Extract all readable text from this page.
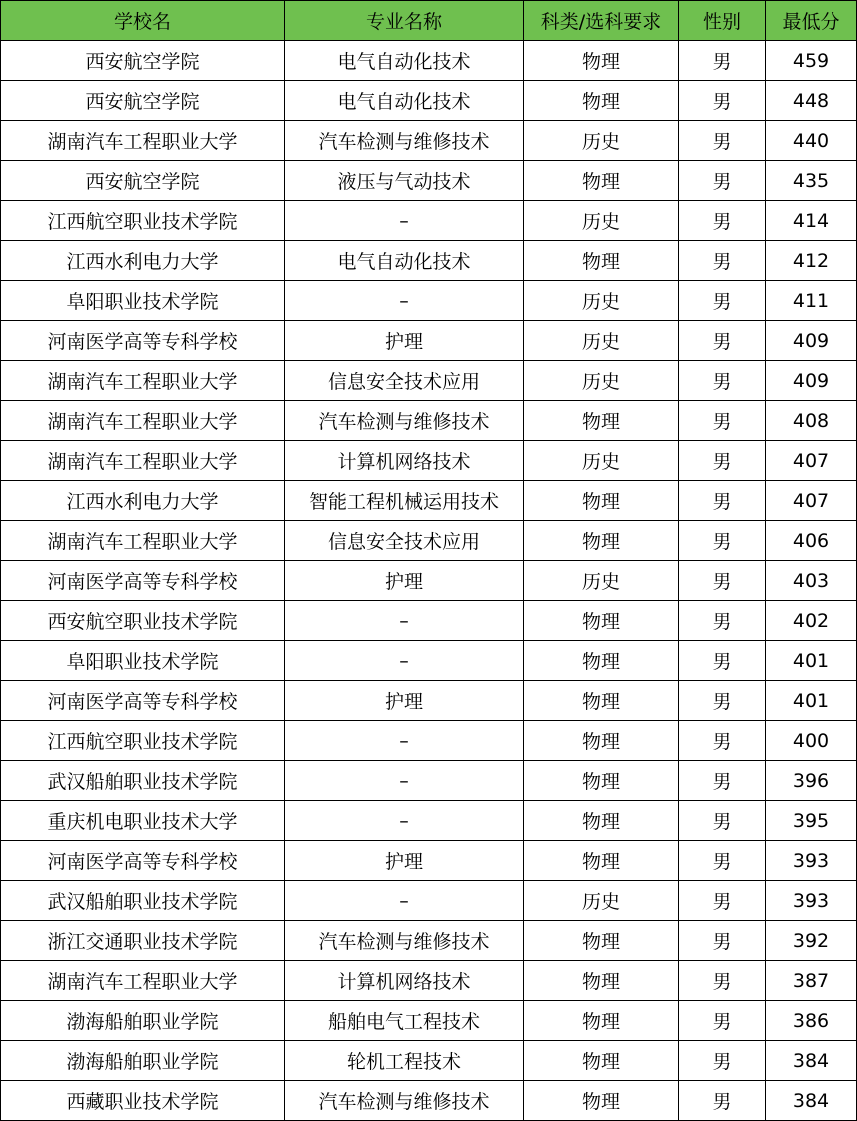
学校名	专业名称	科类/选科要求	性别	最低分
西安航空学院	电气自动化技术	物理	男	459
西安航空学院	电气自动化技术	物理	男	448
湖南汽车工程职业大学	汽车检测与维修技术	历史	男	440
西安航空学院	液压与气动技术	物理	男	435
江西航空职业技术学院	–	历史	男	414
江西水利电力大学	电气自动化技术	物理	男	412
阜阳职业技术学院	–	历史	男	411
河南医学高等专科学校	护理	历史	男	409
湖南汽车工程职业大学	信息安全技术应用	历史	男	409
湖南汽车工程职业大学	汽车检测与维修技术	物理	男	408
湖南汽车工程职业大学	计算机网络技术	历史	男	407
江西水利电力大学	智能工程机械运用技术	物理	男	407
湖南汽车工程职业大学	信息安全技术应用	物理	男	406
河南医学高等专科学校	护理	历史	男	403
西安航空职业技术学院	–	物理	男	402
阜阳职业技术学院	–	物理	男	401
河南医学高等专科学校	护理	物理	男	401
江西航空职业技术学院	–	物理	男	400
武汉船舶职业技术学院	–	物理	男	396
重庆机电职业技术大学	–	物理	男	395
河南医学高等专科学校	护理	物理	男	393
武汉船舶职业技术学院	–	历史	男	393
浙江交通职业技术学院	汽车检测与维修技术	物理	男	392
湖南汽车工程职业大学	计算机网络技术	物理	男	387
渤海船舶职业学院	船舶电气工程技术	物理	男	386
渤海船舶职业学院	轮机工程技术	物理	男	384
西藏职业技术学院	汽车检测与维修技术	物理	男	384
